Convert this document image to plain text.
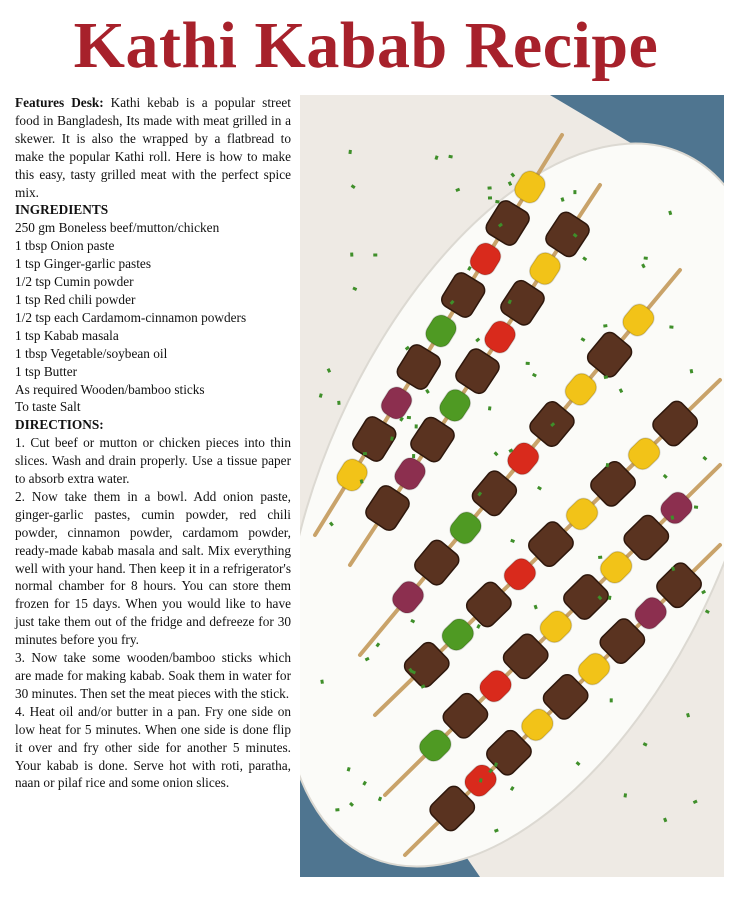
Kathi Kabab Recipe

Features Desk: Kathi kebab is a popular street food in Bangladesh, Its made with meat grilled in a skewer. It is also the wrapped by a flatbread to make the popular Kathi roll. Here is how to make this easy, tasty grilled meat with the perfect spice mix.

INGREDIENTS

250 gm Boneless beef/mutton/chicken
1 tbsp Onion paste
1 tsp Ginger-garlic pastes
1/2 tsp Cumin powder
1 tsp Red chili powder
1/2 tsp each Cardamom-cinnamon powders
1 tsp Kabab masala
1 tbsp Vegetable/soybean oil
1 tsp Butter
As required Wooden/bamboo sticks
To taste Salt

DIRECTIONS:

1. Cut beef or mutton or chicken pieces into thin slices. Wash and drain properly. Use a tissue paper to absorb extra water.

2. Now take them in a bowl. Add onion paste, ginger-garlic pastes, cumin powder, red chili powder, cinnamon powder, cardamom powder, ready-made kabab masala and salt. Mix everything well with your hand. Then keep it in a refrigerator's normal chamber for 8 hours. You can store them frozen for 15 days. When you would like to have just take them out of the fridge and defreeze for 30 minutes before you fry.

3. Now take some wooden/bamboo sticks which are made for making kabab. Soak them in water for 30 minutes. Then set the meat pieces with the stick.

4. Heat oil and/or butter in a pan. Fry one side on low heat for 5 minutes. When one side is done flip it over and fry other side for another 5 minutes. Your kabab is done. Serve hot with roti, paratha, naan or pilaf rice and some onion slices.
